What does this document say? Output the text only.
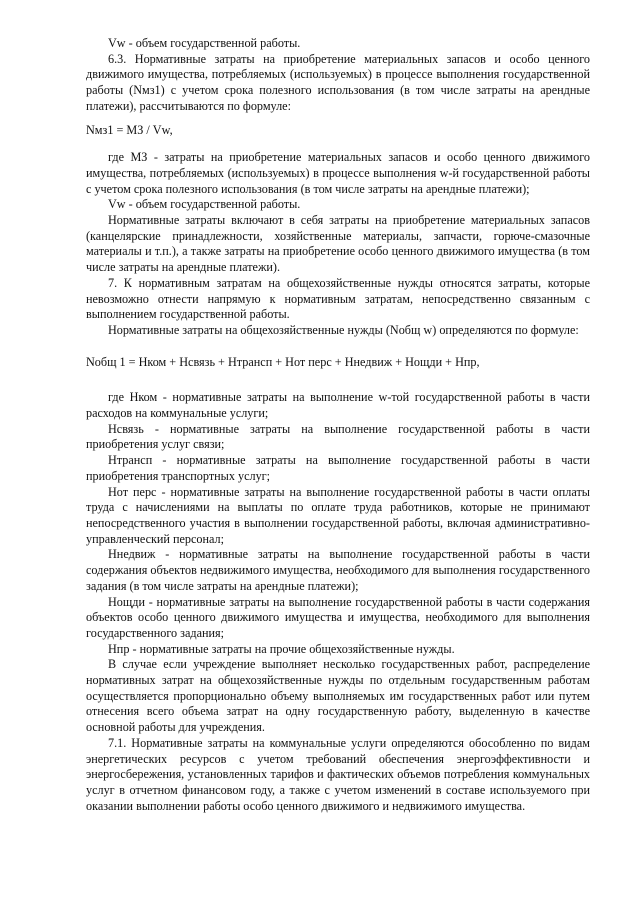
Vw - объем государственной работы.

6.3. Нормативные затраты на приобретение материальных запасов и особо ценного движимого имущества, потребляемых (используемых) в процессе выполнения государственной работы (Nмз1) с учетом срока полезного использования (в том числе затраты на арендные платежи), рассчитываются по формуле:

Nмз1 = МЗ / Vw,

где МЗ - затраты на приобретение материальных запасов и особо ценного движимого имущества, потребляемых (используемых) в процессе выполнения w-й государственной работы с учетом срока полезного использования (в том числе затраты на арендные платежи);

Vw - объем государственной работы.

Нормативные затраты включают в себя затраты на приобретение материальных запасов (канцелярские принадлежности, хозяйственные материалы, запчасти, горюче-смазочные материалы и т.п.), а также затраты на приобретение особо ценного движимого имущества (в том числе затраты на арендные платежи).

7. К нормативным затратам на общехозяйственные нужды относятся затраты, которые невозможно отнести напрямую к нормативным затратам, непосредственно связанным с выполнением государственной работы.

Нормативные затраты на общехозяйственные нужды (Nобщ w) определяются по формуле:

Nобщ 1 = Нком + Нсвязь + Нтрансп + Нот перс + Ннедвиж + Нощди + Нпр,

где Нком - нормативные затраты на выполнение w-той государственной работы в части расходов на коммунальные услуги;

Нсвязь - нормативные затраты на выполнение государственной работы в части приобретения услуг связи;

Нтрансп - нормативные затраты на выполнение государственной работы в части приобретения транспортных услуг;

Нот перс - нормативные затраты на выполнение государственной работы в части оплаты труда с начислениями на выплаты по оплате труда работников, которые не принимают непосредственного участия в выполнении государственной работы, включая административно-управленческий персонал;

Ннедвиж - нормативные затраты на выполнение государственной работы в части содержания объектов недвижимого имущества, необходимого для выполнения государственного задания (в том числе затраты на арендные платежи);

Нощди - нормативные затраты на выполнение государственной работы в части содержания объектов особо ценного движимого имущества и имущества, необходимого для выполнения государственного задания;

Нпр - нормативные затраты на прочие общехозяйственные нужды.

В случае если учреждение выполняет несколько государственных работ, распределение нормативных затрат на общехозяйственные нужды по отдельным государственным работам осуществляется пропорционально объему выполняемых им государственных работ или путем отнесения всего объема затрат на одну государственную работу, выделенную в качестве основной работы для учреждения.

7.1. Нормативные затраты на коммунальные услуги определяются обособленно по видам энергетических ресурсов с учетом требований обеспечения энергоэффективности и энергосбережения, установленных тарифов и фактических объемов потребления коммунальных услуг в отчетном финансовом году, а также с учетом изменений в составе используемого при оказании выполнении работы особо ценного движимого и недвижимого имущества.
